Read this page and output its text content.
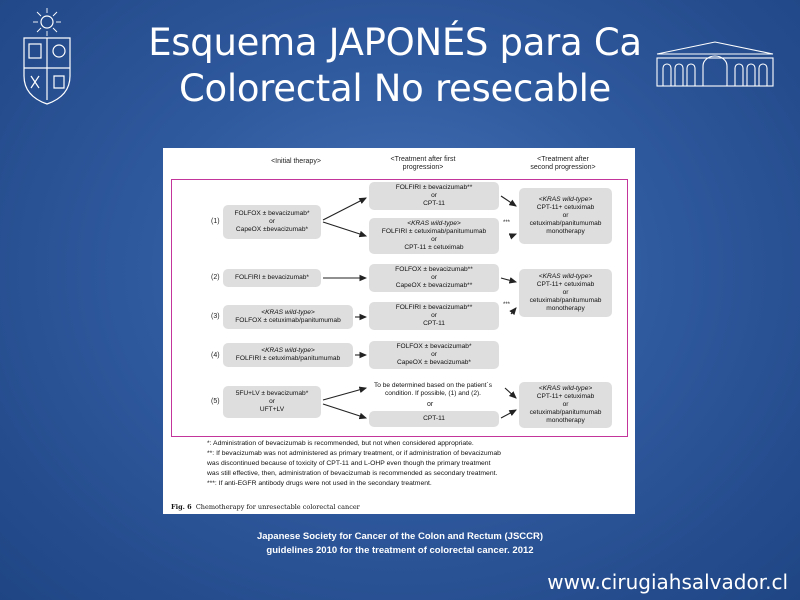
Esquema JAPONÉS para Ca
Colorectal No resecable
<Initial therapy>	<Treatment after first
progression>
<Treatment after
second progression>
(1)
(2)
(3)
(4)
(5)
FOLFOX ± bevacizumab*
or
CapeOX ±bevacizumab*
FOLFIRI ± bevacizumab**
or
CPT-11
<KRAS wild-type>
FOLFIRI ± cetuximab/panitumumab
or
CPT-11 ± cetuximab
***
<KRAS wild-type>
CPT-11+ cetuximab
or
cetuximab/panitumumab
monotherapy
FOLFIRI ± bevacizumab*
FOLFOX ± bevacizumab**
or
CapeOX ± bevacizumab**
<KRAS wild-type>
CPT-11+ cetuximab
or
cetuximab/panitumumab
monotherapy
<KRAS wild-type>
FOLFOX ± cetuximab/panitumumab
FOLFIRI ± bevacizumab**
or
CPT-11
***
<KRAS wild-type>
FOLFIRI ± cetuximab/panitumumab
FOLFOX ± bevacizumab*
or
CapeOX ± bevacizumab*
5FU+LV ± bevacizumab*
or
UFT+LV
To be determined based on the patient´s
condition. If possible, (1) and (2).
or
CPT-11
<KRAS wild-type>
CPT-11+ cetuximab
or
cetuximab/panitumumab
monotherapy
*: Administration of bevacizumab is recommended, but not when considered appropriate.
**: If bevacizumab was not administered as primary treatment, or if administration of bevacizumab
was discontinued because of toxicity of CPT-11 and L-OHP even though the primary treatment
was still effective, then, administration of bevacizumab is recommended as secondary treatment.
***: If anti-EGFR antibody drugs were not used in the secondary treatment.
Fig. 6 Chemotherapy for unresectable colorectal cancer
Japanese Society for Cancer of the Colon and Rectum (JSCCR)
guidelines 2010 for the treatment of colorectal cancer. 2012
www.cirugiahsalvador.cl
